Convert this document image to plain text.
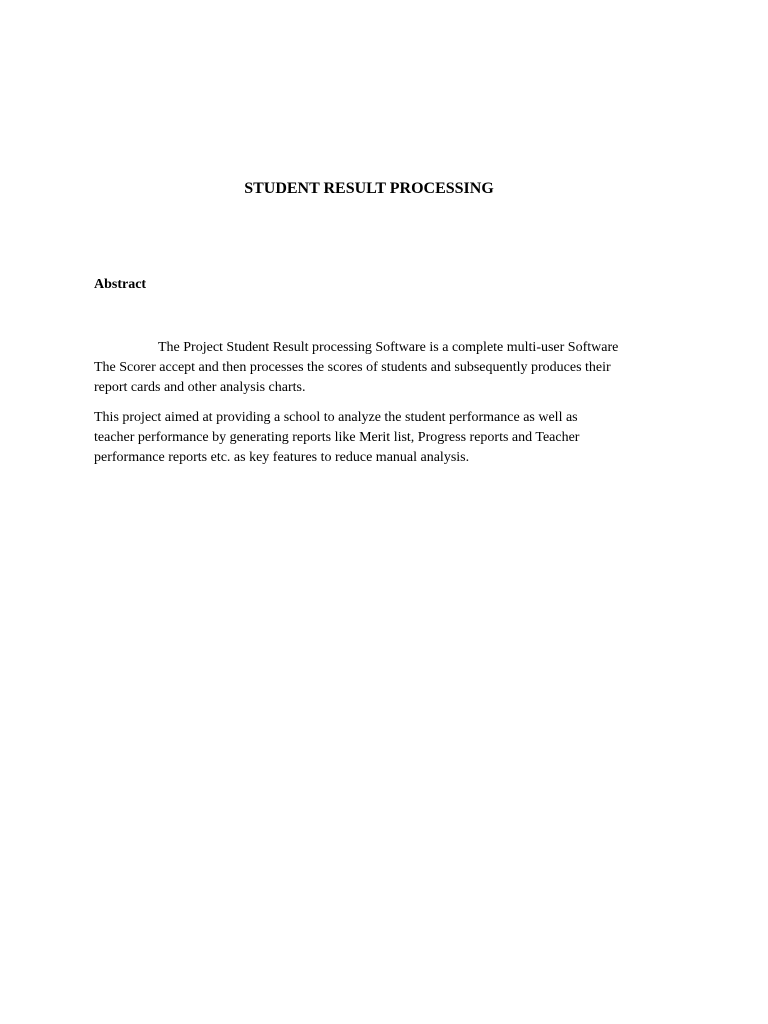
STUDENT RESULT PROCESSING
Abstract

The Project Student Result processing Software is a complete multi-user Software
The Scorer accept and then processes the scores of students and subsequently produces their
report cards and other analysis charts.

This project aimed at providing a school to analyze the student performance as well as
teacher performance by generating reports like Merit list, Progress reports and Teacher
performance reports etc. as key features to reduce manual analysis.
